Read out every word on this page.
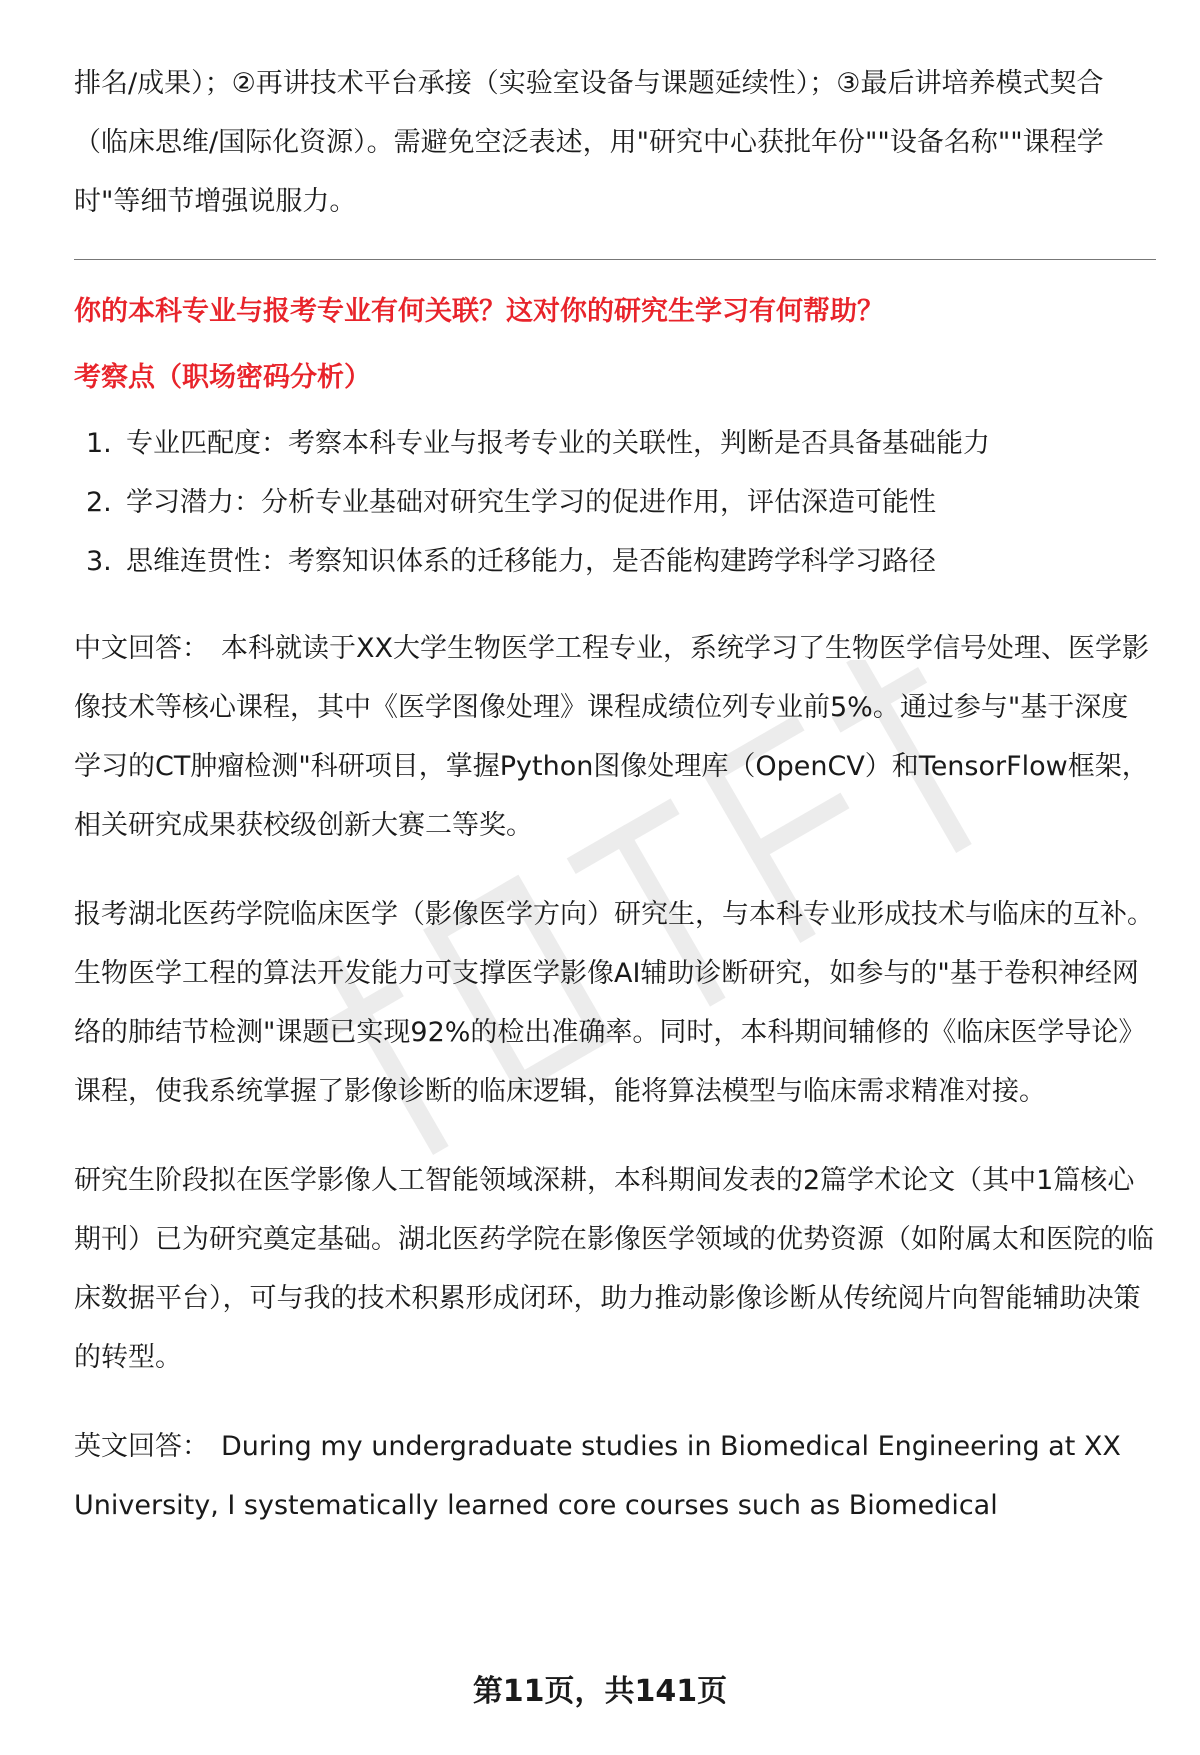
排名/成果）；②再讲技术平台承接（实验室设备与课题延续性）；③最后讲培养模式契合（临床思维/国际化资源）。需避免空泛表述，用"研究中心获批年份""设备名称""课程学时"等细节增强说服力。

你的本科专业与报考专业有何关联？这对你的研究生学习有何帮助？
考察点（职场密码分析）
1. 专业匹配度：考察本科专业与报考专业的关联性，判断是否具备基础能力
2. 学习潜力：分析专业基础对研究生学习的促进作用，评估深造可能性
3. 思维连贯性：考察知识体系的迁移能力，是否能构建跨学科学习路径

中文回答： 本科就读于XX大学生物医学工程专业，系统学习了生物医学信号处理、医学影像技术等核心课程，其中《医学图像处理》课程成绩位列专业前5%。通过参与"基于深度学习的CT肿瘤检测"科研项目，掌握Python图像处理库（OpenCV）和TensorFlow框架，相关研究成果获校级创新大赛二等奖。

报考湖北医药学院临床医学（影像医学方向）研究生，与本科专业形成技术与临床的互补。生物医学工程的算法开发能力可支撑医学影像AI辅助诊断研究，如参与的"基于卷积神经网络的肺结节检测"课题已实现92%的检出准确率。同时，本科期间辅修的《临床医学导论》课程，使我系统掌握了影像诊断的临床逻辑，能将算法模型与临床需求精准对接。

研究生阶段拟在医学影像人工智能领域深耕，本科期间发表的2篇学术论文（其中1篇核心期刊）已为研究奠定基础。湖北医药学院在影像医学领域的优势资源（如附属太和医院的临床数据平台），可与我的技术积累形成闭环，助力推动影像诊断从传统阅片向智能辅助决策的转型。

英文回答： During my undergraduate studies in Biomedical Engineering at XX University, I systematically learned core courses such as Biomedical

第11页，共141页
